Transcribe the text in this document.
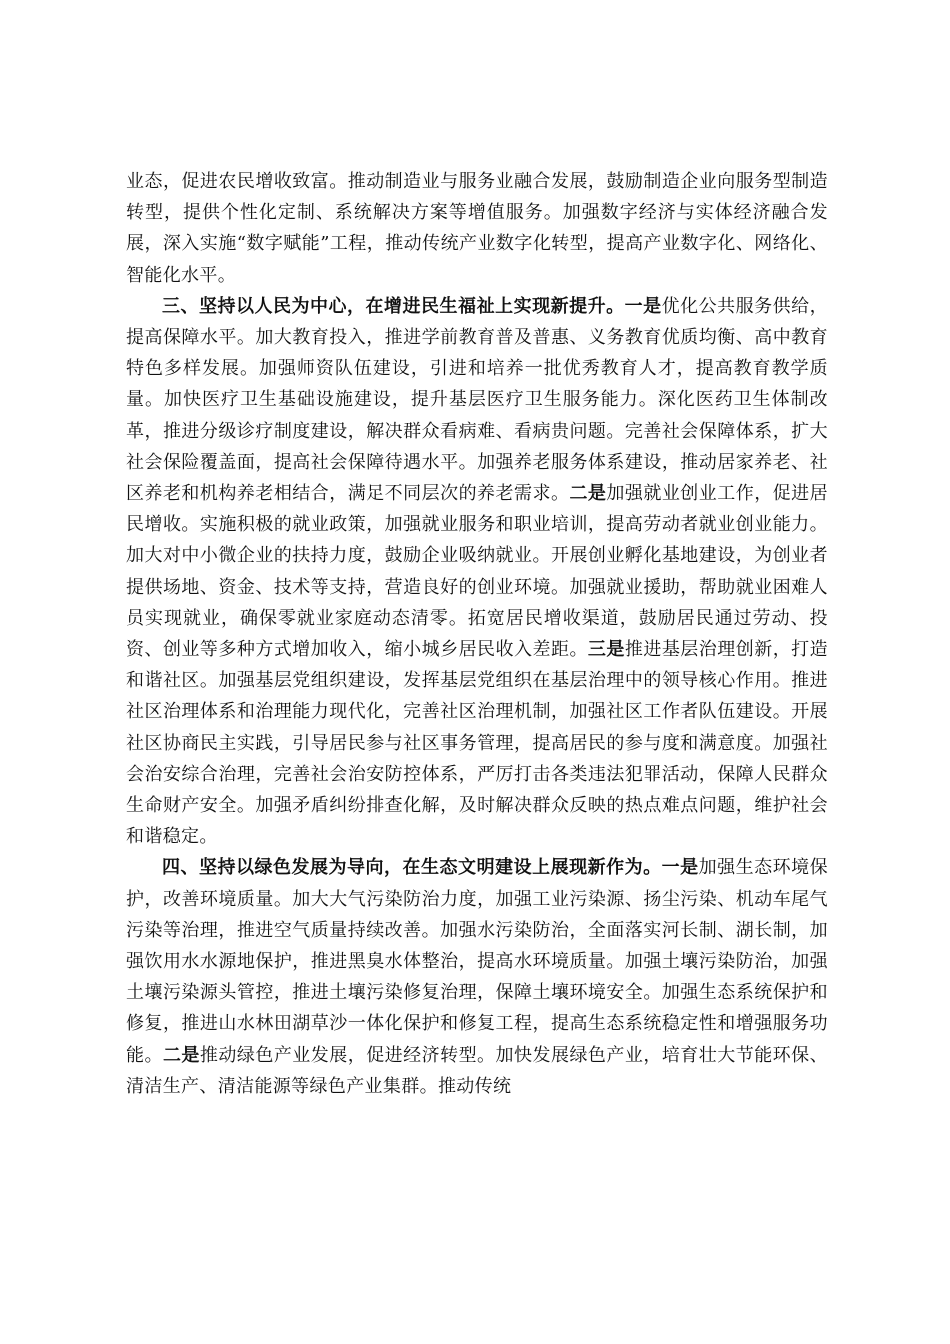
业态，促进农民增收致富。推动制造业与服务业融合发展，鼓励制造企业向服务型制造转型，提供个性化定制、系统解决方案等增值服务。加强数字经济与实体经济融合发展，深入实施“数字赋能”工程，推动传统产业数字化转型，提高产业数字化、网络化、智能化水平。

三、坚持以人民为中心，在增进民生福祉上实现新提升。一是优化公共服务供给，提高保障水平。加大教育投入，推进学前教育普及普惠、义务教育优质均衡、高中教育特色多样发展。加强师资队伍建设，引进和培养一批优秀教育人才，提高教育教学质量。加快医疗卫生基础设施建设，提升基层医疗卫生服务能力。深化医药卫生体制改革，推进分级诊疗制度建设，解决群众看病难、看病贵问题。完善社会保障体系，扩大社会保险覆盖面，提高社会保障待遇水平。加强养老服务体系建设，推动居家养老、社区养老和机构养老相结合，满足不同层次的养老需求。二是加强就业创业工作，促进居民增收。实施积极的就业政策，加强就业服务和职业培训，提高劳动者就业创业能力。加大对中小微企业的扶持力度，鼓励企业吸纳就业。开展创业孵化基地建设，为创业者提供场地、资金、技术等支持，营造良好的创业环境。加强就业援助，帮助就业困难人员实现就业，确保零就业家庭动态清零。拓宽居民增收渠道，鼓励居民通过劳动、投资、创业等多种方式增加收入，缩小城乡居民收入差距。三是推进基层治理创新，打造和谐社区。加强基层党组织建设，发挥基层党组织在基层治理中的领导核心作用。推进社区治理体系和治理能力现代化，完善社区治理机制，加强社区工作者队伍建设。开展社区协商民主实践，引导居民参与社区事务管理，提高居民的参与度和满意度。加强社会治安综合治理，完善社会治安防控体系，严厉打击各类违法犯罪活动，保障人民群众生命财产安全。加强矛盾纠纷排查化解，及时解决群众反映的热点难点问题，维护社会和谐稳定。

四、坚持以绿色发展为导向，在生态文明建设上展现新作为。一是加强生态环境保护，改善环境质量。加大大气污染防治力度，加强工业污染源、扬尘污染、机动车尾气污染等治理，推进空气质量持续改善。加强水污染防治，全面落实河长制、湖长制，加强饮用水水源地保护，推进黑臭水体整治，提高水环境质量。加强土壤污染防治，加强土壤污染源头管控，推进土壤污染修复治理，保障土壤环境安全。加强生态系统保护和修复，推进山水林田湖草沙一体化保护和修复工程，提高生态系统稳定性和增强服务功能。二是推动绿色产业发展，促进经济转型。加快发展绿色产业，培育壮大节能环保、清洁生产、清洁能源等绿色产业集群。推动传统
